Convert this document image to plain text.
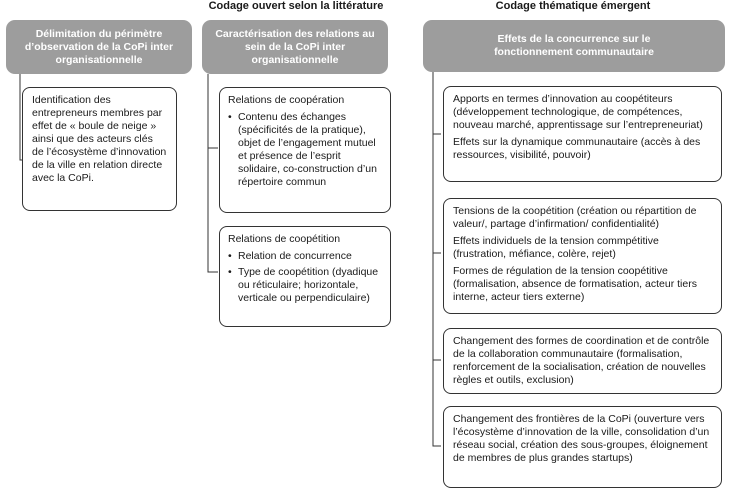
Codage ouvert selon la littérature	Codage thématique émergent
Délimitation du périmètre d’observation de la CoPi inter organisationnelle

Identification des entrepreneurs membres par effet de « boule de neige » ainsi que des acteurs clés de l’écosystème d’innovation de la ville en relation directe avec la CoPi.

Caractérisation des relations au sein de la CoPi inter organisationnelle

Relations de coopération

• Contenu des échanges (spécificités de la pratique), objet de l’engagement mutuel et présence de l’esprit solidaire, co-construction d’un répertoire commun

Relations de coopétition

• Relation de concurrence
• Type de coopétition (dyadique ou réticulaire; horizontale, verticale ou perpendiculaire)
Effets de la concurrence sur le fonctionnement communautaire

Apports en termes d’innovation au coopétiteurs (développement technologique, de compétences, nouveau marché, apprentissage sur l’entrepreneuriat)

Effets sur la dynamique communautaire (accès à des ressources, visibilité, pouvoir)

Tensions de la coopétition (création ou répartition de valeur/, partage d’infirmation/ confidentialité)

Effets individuels de la tension commpétitive (frustration, méfiance, colère, rejet)

Formes de régulation de la tension coopétitive (formalisation, absence de formatisation, acteur tiers interne, acteur tiers externe)

Changement des formes de coordination et de contrôle de la collaboration communautaire (formalisation, renforcement de la socialisation, création de nouvelles règles et outils, exclusion)

Changement des frontières de la CoPi (ouverture vers l’écosystème d’innovation de la ville, consolidation d’un réseau social, création des sous-groupes, éloignement de membres de plus grandes startups)
